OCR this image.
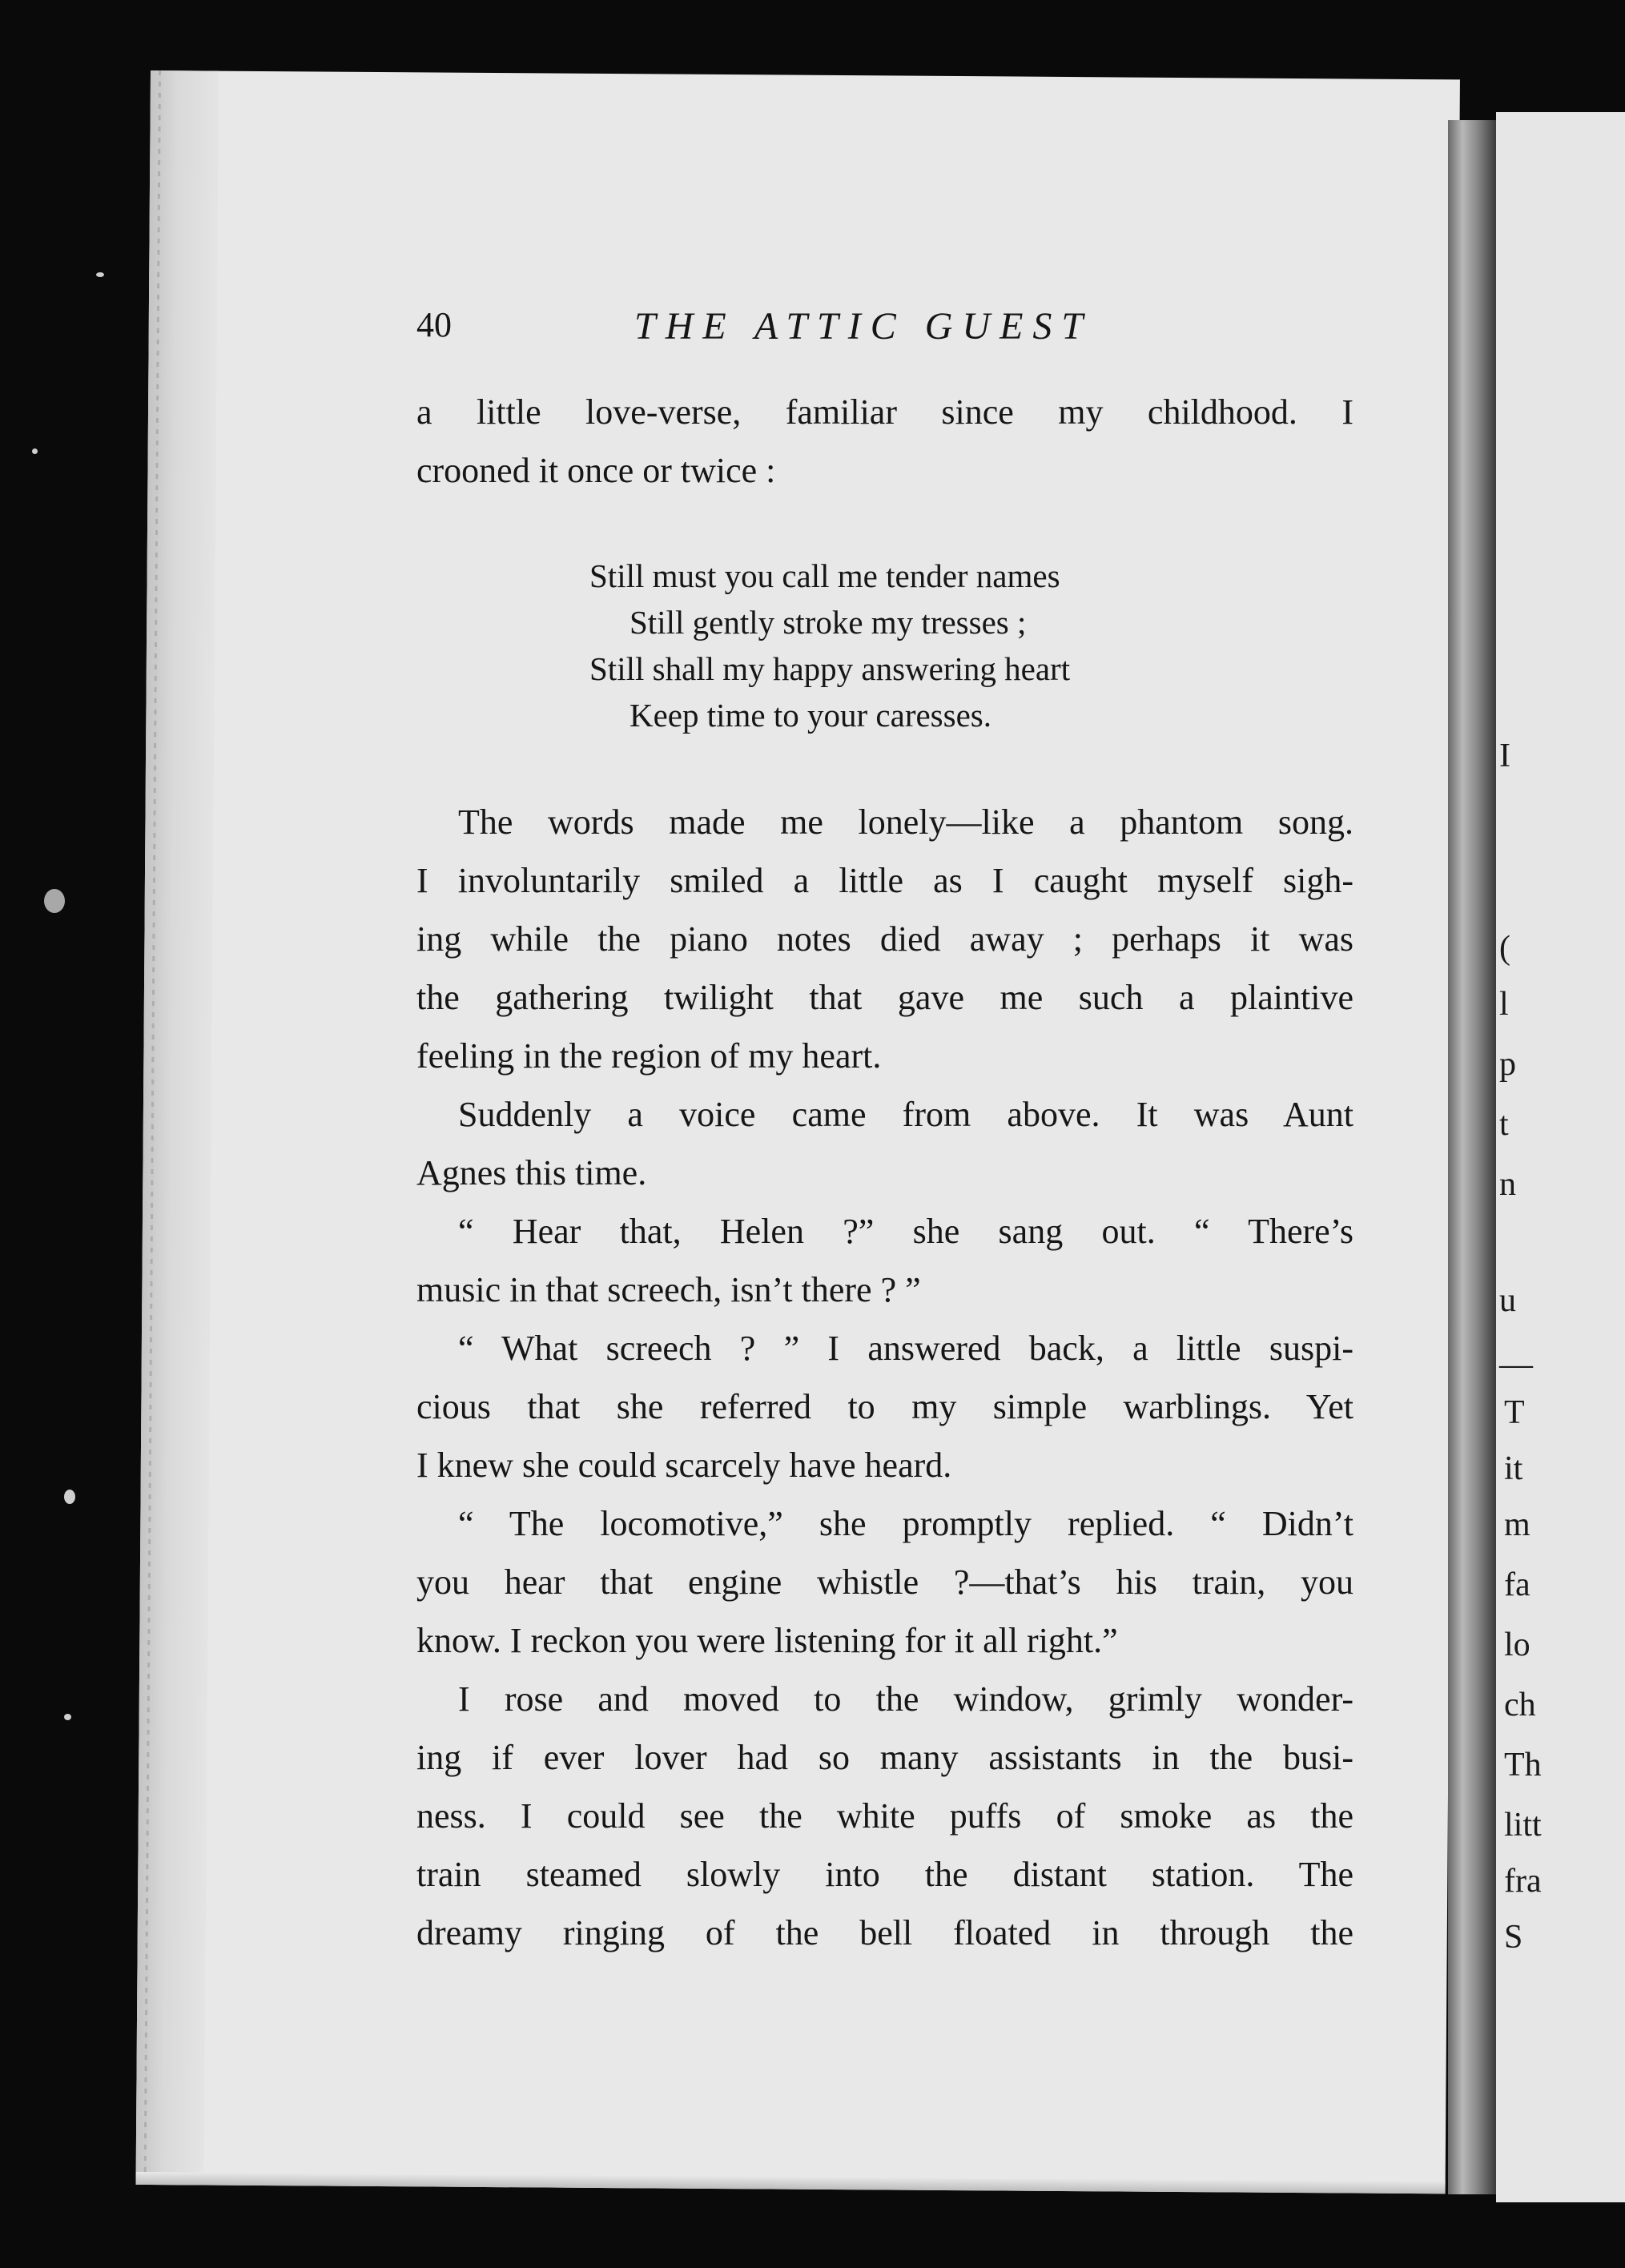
I
(
l
p
t
n
u
—
T
it
m
fa
lo
ch
Th
litt
fra
S
40	THE ATTIC GUEST
a little love-verse, familiar since my childhood. I
crooned it once or twice :
Still must you call me tender names
Still gently stroke my tresses ;
Still shall my happy answering heart
Keep time to your caresses.
The words made me lonely—like a phantom song.
I involuntarily smiled a little as I caught myself sigh-
ing while the piano notes died away ; perhaps it was
the gathering twilight that gave me such a plaintive
feeling in the region of my heart.
Suddenly a voice came from above. It was Aunt
Agnes this time.
“ Hear that, Helen ?” she sang out. “ There’s
music in that screech, isn’t there ? ”
“ What screech ? ” I answered back, a little suspi-
cious that she referred to my simple warblings. Yet
I knew she could scarcely have heard.
“ The locomotive,” she promptly replied. “ Didn’t
you hear that engine whistle ?—that’s his train, you
know. I reckon you were listening for it all right.”
I rose and moved to the window, grimly wonder-
ing if ever lover had so many assistants in the busi-
ness. I could see the white puffs of smoke as the
train steamed slowly into the distant station. The
dreamy ringing of the bell floated in through the
